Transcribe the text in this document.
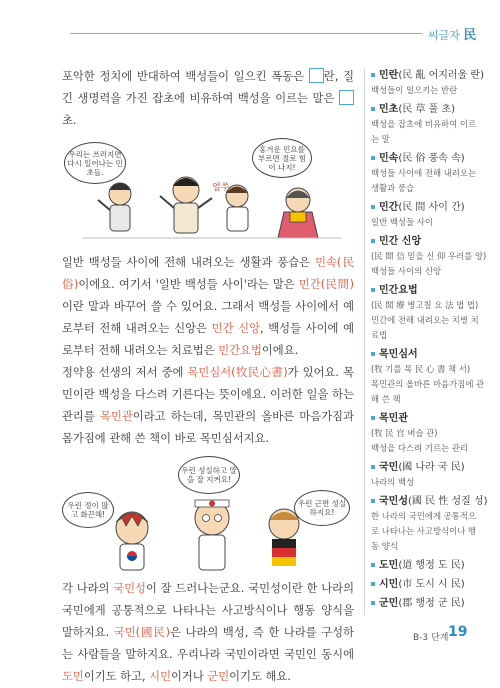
씨글자 民

포악한 정치에 반대하여 백성들이 일으킨 폭동은 란, 질긴 생명력을 가진 잡초에 비유하여 백성을 이르는 말은 초.

얼쑤
우리는 쓰러지면 다시 일어나는 민초들.
홍겨운 민요를 부르면 절로 힘이 나지!

일반 백성들 사이에 전해 내려오는 생활과 풍습은 민속(民俗)이에요. 여기서 '일반 백성들 사이'라는 말은 민간(民間)이란 말과 바꾸어 쓸 수 있어요. 그래서 백성들 사이에서 예로부터 전해 내려오는 신앙은 민간 신앙, 백성들 사이에 예로부터 전해 내려오는 치료법은 민간요법이에요.

정약용 선생의 저서 중에 목민심서(牧民心書)가 있어요. 목민이란 백성을 다스려 기른다는 뜻이에요. 이러한 일을 하는 관리를 목민관이라고 하는데, 목민관의 올바른 마음가짐과 몸가짐에 관해 쓴 책이 바로 목민심서지요.

우린 성실하고 말을 잘 지켜요!
우린 정이 많고 화끈해!
우린 근면 성실하지요!

각 나라의 국민성이 잘 드러나는군요. 국민성이란 한 나라의 국민에게 공통적으로 나타나는 사고방식이나 행동 양식을 말하지요. 국민(國民)은 나라의 백성, 즉 한 나라를 구성하는 사람들을 말하지요. 우리나라 국민이라면 국민인 동시에 도민이기도 하고, 시민이거나 군민이기도 해요.

민란(民 亂 어지러울 란)
백성들이 일으키는 반란
민초(民 草 풀 초)
백성을 잡초에 비유하여 이르
는 말
민속(民 俗 풍속 속)
백성들 사이에 전해 내려오는
생활과 풍습
민간(民 間 사이 간)
일반 백성들 사이
민간 신앙
(民 間 信 믿을 신 仰 우러를 앙)
백성들 사이의 신앙
민간요법
(民 間 療 병고칠 요 法 법 법)
민간에 전해 내려오는 치병 치
료법
목민심서
(牧 기를 목 民 心 書 책 서)
목민관의 올바른 마음가짐에 관
해 쓴 책
목민관
(牧 民 官 벼슬 관)
백성을 다스려 기르는 관리
국민(國 나라 국 民)
나라의 백성
국민성(國 民 性 성질 성)
한 나라의 국민에게 공통적으
로 나타나는 사고방식이나 행
동 양식
도민(道 행정 도 民)
시민(市 도시 시 民)
군민(郡 행정 군 民)
B-3 단계 19
